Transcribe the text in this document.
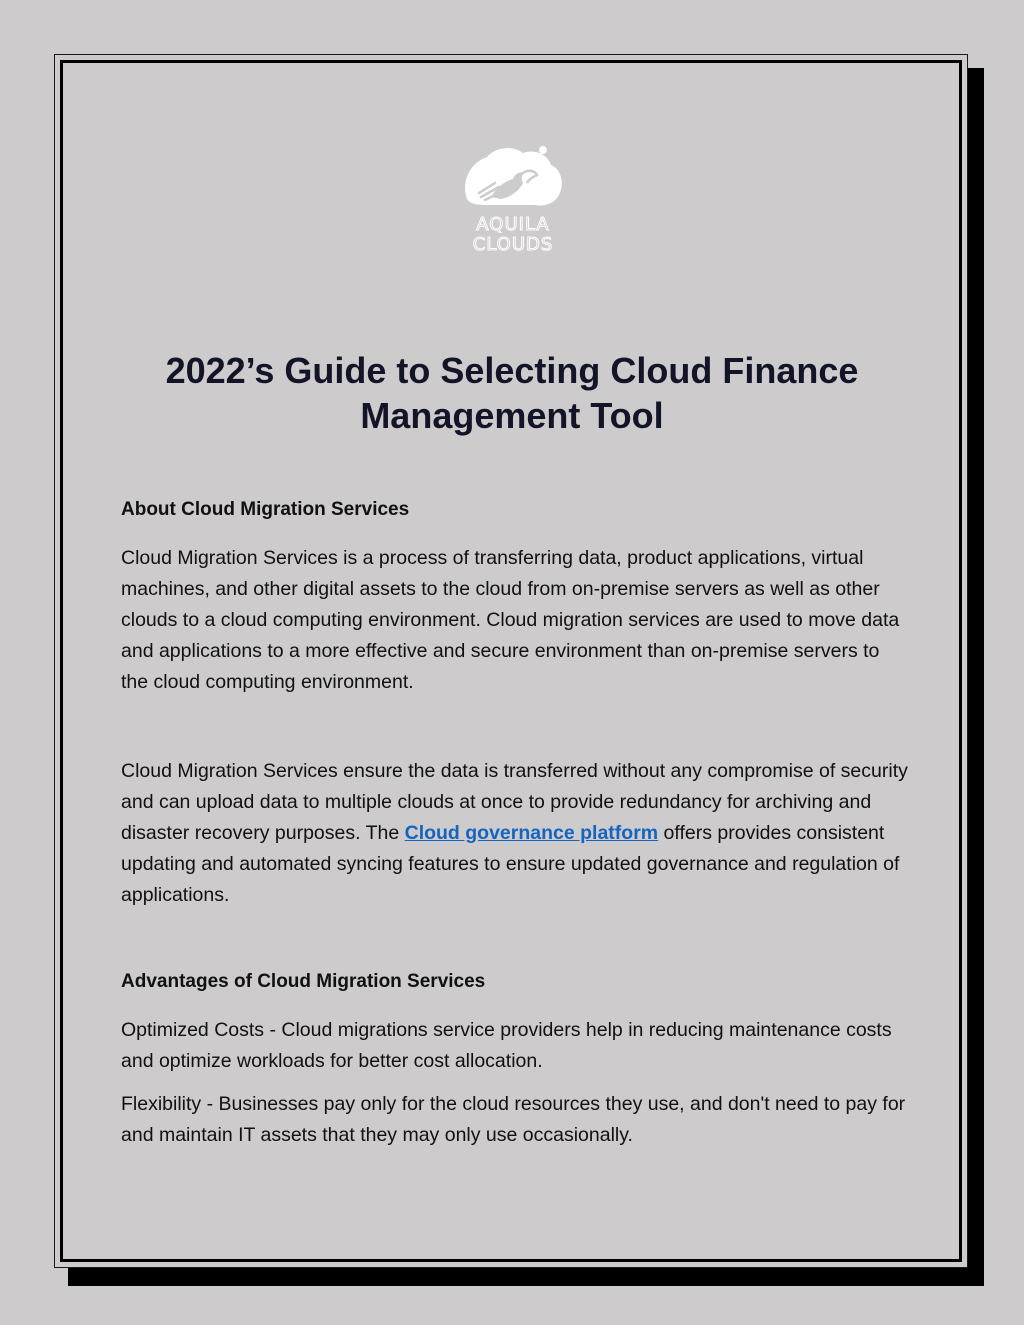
AQUILA
CLOUDS
2022’s Guide to Selecting Cloud Finance Management Tool
About Cloud Migration Services

Cloud Migration Services is a process of transferring data, product applications, virtual machines, and other digital assets to the cloud from on-premise servers as well as other clouds to a cloud computing environment. Cloud migration services are used to move data and applications to a more effective and secure environment than on-premise servers to the cloud computing environment.

Cloud Migration Services ensure the data is transferred without any compromise of security and can upload data to multiple clouds at once to provide redundancy for archiving and disaster recovery purposes. The Cloud governance platform offers provides consistent updating and automated syncing features to ensure updated governance and regulation of applications.

Advantages of Cloud Migration Services

Optimized Costs - Cloud migrations service providers help in reducing maintenance costs and optimize workloads for better cost allocation.

Flexibility - Businesses pay only for the cloud resources they use, and don't need to pay for and maintain IT assets that they may only use occasionally.
